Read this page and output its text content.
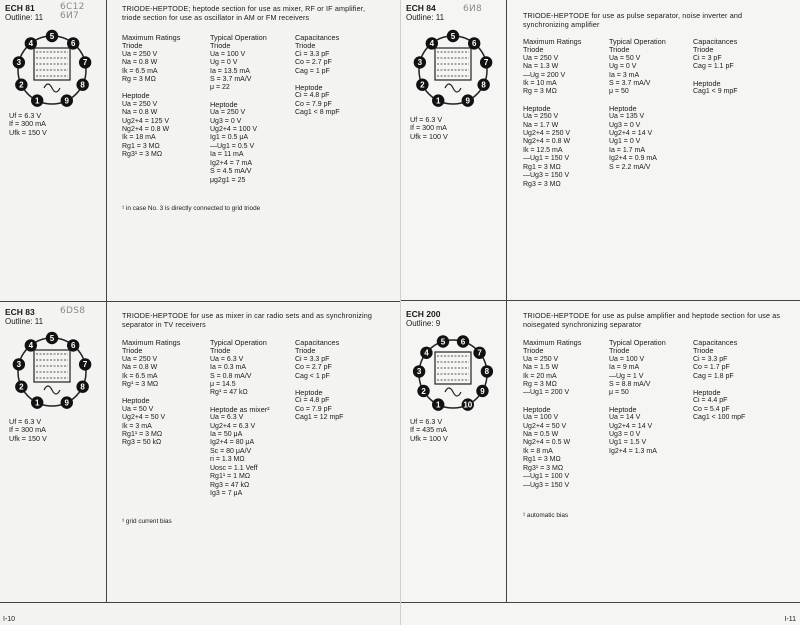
ECH 81
Outline: 11
6C12 6И7
1
2
3
4
5
6
7
8
9
Uf = 6.3 V
If = 300 mA
Ufk = 150 V
TRIODE-HEPTODE; heptode section for use as mixer, RF or IF amplifier, triode section for use as oscillator in AM or FM receivers
Maximum Ratings
Triode
Ua = 250 V
Na = 0.8 W
Ik = 6.5 mA
Rg = 3 MΩ
Heptode
Ua = 250 V
Na = 0.8 W
Ug2+4 = 125 V
Ng2+4 = 0.8 W
Ik = 18 mA
Rg1 = 3 MΩ
Rg3¹ = 3 MΩ
Typical Operation
Triode
Ua = 100 V
Ug = 0 V
Ia = 13.5 mA
S = 3.7 mA/V
μ = 22
Heptode
Ua = 250 V
Ug3 = 0 V
Ug2+4 = 100 V
Ig1 = 0.5 μA
—Ug1 = 0.5 V
Ia = 11 mA
Ig2+4 = 7 mA
S = 4.5 mA/V
μg2g1 = 25
Capacitances
Triode
Ci = 3.3 pF
Co = 2.7 pF
Cag = 1 pF
Heptode
Ci = 4.8 pF
Co = 7.9 pF
Cag1 < 8 mpF
¹ in case No. 3 is directly connected to grid triode
ECH 83
Outline: 11
6DS8
1
2
3
4
5
6
7
8
9
Uf = 6.3 V
If = 300 mA
Ufk = 150 V
TRIODE-HEPTODE for use as mixer in car radio sets and as synchronizing separator in TV receivers
Maximum Ratings
Triode
Ua = 250 V
Na = 0.8 W
Ik = 6.5 mA
Rg¹ = 3 MΩ
Heptode
Ua = 50 V
Ug2+4 = 50 V
Ik = 3 mA
Rg1¹ = 3 MΩ
Rg3 = 50 kΩ
Typical Operation
Triode
Ua = 6.3 V
Ia = 0.3 mA
S = 0.8 mA/V
μ = 14.5
Rg¹ = 47 kΩ
Heptode as mixer²
Ua = 6.3 V
Ug2+4 = 6.3 V
Ia = 50 μA
Ig2+4 = 80 μA
Sc = 80 μA/V
ri = 1.3 MΩ
Uosc = 1.1 Veff
Rg1¹ = 1 MΩ
Rg3 = 47 kΩ
Ig3 = 7 μA
Capacitances
Triode
Ci = 3.3 pF
Co = 2.7 pF
Cag < 1 pF
Heptode
Ci = 4.8 pF
Co = 7.9 pF
Cag1 = 12 mpF
¹ grid current bias
I-10
ECH 84
Outline: 11
6И8
1
2
3
4
5
6
7
8
9
Uf = 6.3 V
If = 300 mA
Ufk = 100 V
TRIODE-HEPTODE for use as pulse separator, noise inverter and synchronizing amplifier
Maximum Ratings
Triode
Ua = 250 V
Na = 1.3 W
—Ug = 200 V
Ik = 10 mA
Rg = 3 MΩ
Heptode
Ua = 250 V
Na = 1.7 W
Ug2+4 = 250 V
Ng2+4 = 0.8 W
Ik = 12.5 mA
—Ug1 = 150 V
Rg1 = 3 MΩ
—Ug3 = 150 V
Rg3 = 3 MΩ
Typical Operation
Triode
Ua = 50 V
Ug = 0 V
Ia = 3 mA
S = 3.7 mA/V
μ = 50
Heptode
Ua = 135 V
Ug3 = 0 V
Ug2+4 = 14 V
Ug1 = 0 V
Ia = 1.7 mA
Ig2+4 = 0.9 mA
S = 2.2 mA/V
Capacitances
Triode
Ci = 3 pF
Cag = 1.1 pF
Heptode
Cag1 < 9 mpF
ECH 200
Outline: 9
1
2
3
4
5 6
7
8
9
10
Uf = 6.3 V
If = 435 mA
Ufk = 100 V
TRIODE-HEPTODE for use as pulse amplifier and heptode section for use as noisegated synchronizing separator
Maximum Ratings
Triode
Ua = 250 V
Na = 1.5 W
Ik = 20 mA
Rg = 3 MΩ
—Ug1 = 200 V
Heptode
Ua = 100 V
Ug2+4 = 50 V
Na = 0.5 W
Ng2+4 = 0.5 W
Ik = 8 mA
Rg1 = 3 MΩ
Rg3¹ = 3 MΩ
—Ug1 = 100 V
—Ug3 = 150 V
Typical Operation
Triode
Ua = 100 V
Ia = 9 mA
—Ug = 1 V
S = 8.8 mA/V
μ = 50
Heptode
Ua = 14 V
Ug2+4 = 14 V
Ug3 = 0 V
Ug1 = 1.5 V
Ig2+4 = 1.3 mA
Capacitances
Triode
Ci = 3.3 pF
Co = 1.7 pF
Cag = 1.8 pF
Heptode
Ci = 4.4 pF
Co = 5.4 pF
Cag1 < 100 mpF
¹ automatic bias
I-11
